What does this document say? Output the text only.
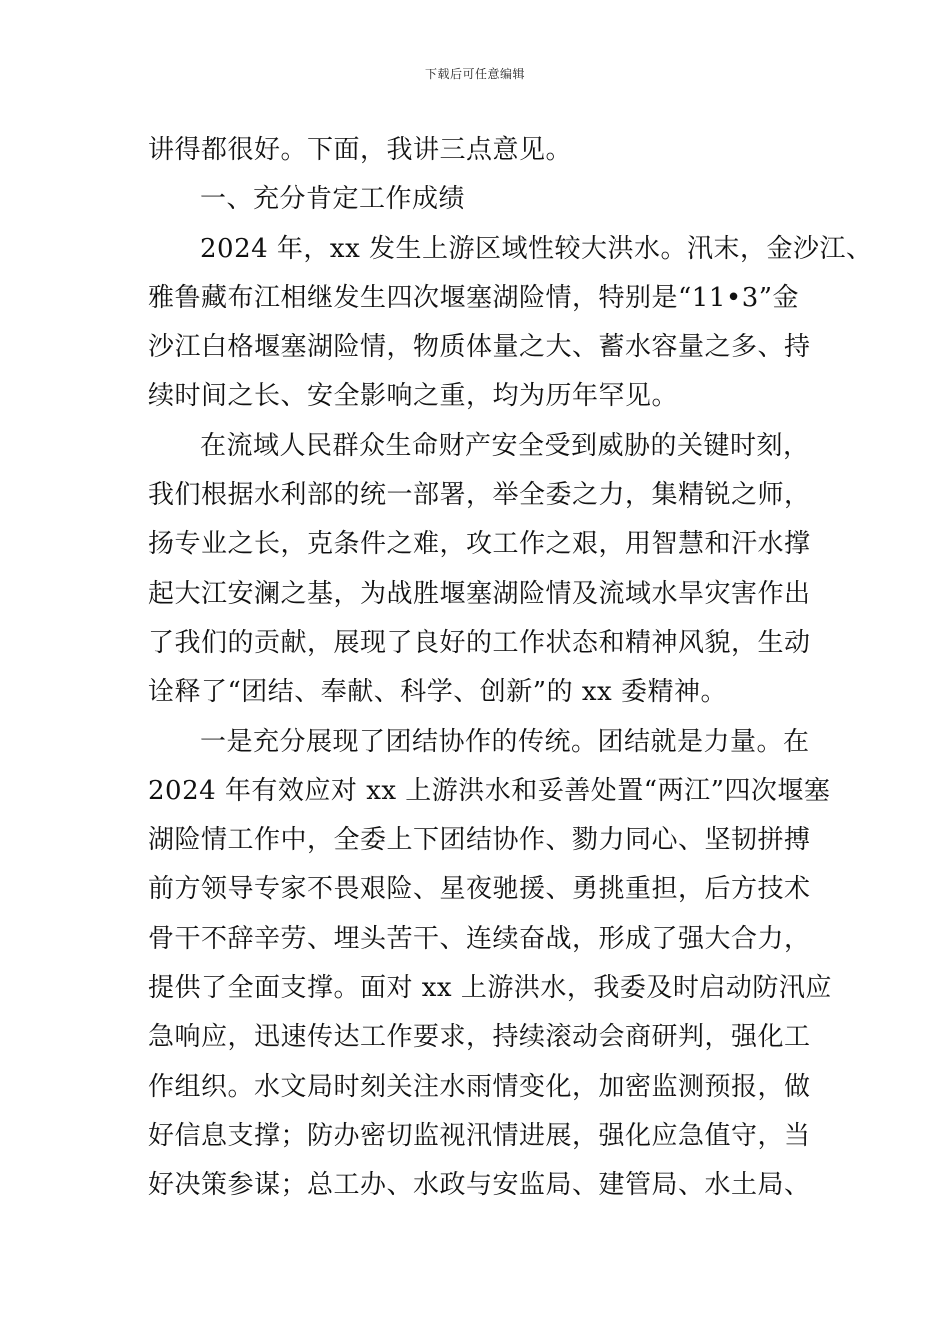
下载后可任意编辑
讲得都很好。下面，我讲三点意见。
一、充分肯定工作成绩
2024 年，xx 发生上游区域性较大洪水。汛末，金沙江、
雅鲁藏布江相继发生四次堰塞湖险情，特别是“11•3”金
沙江白格堰塞湖险情，物质体量之大、蓄水容量之多、持
续时间之长、安全影响之重，均为历年罕见。
在流域人民群众生命财产安全受到威胁的关键时刻，
我们根据水利部的统一部署，举全委之力，集精锐之师，
扬专业之长，克条件之难，攻工作之艰，用智慧和汗水撑
起大江安澜之基，为战胜堰塞湖险情及流域水旱灾害作出
了我们的贡献，展现了良好的工作状态和精神风貌，生动
诠释了“团结、奉献、科学、创新”的 xx 委精神。
一是充分展现了团结协作的传统。团结就是力量。在
2024 年有效应对 xx 上游洪水和妥善处置“两江”四次堰塞
湖险情工作中，全委上下团结协作、勠力同心、坚韧拼搏
前方领导专家不畏艰险、星夜驰援、勇挑重担，后方技术
骨干不辞辛劳、埋头苦干、连续奋战，形成了强大合力，
提供了全面支撑。面对 xx 上游洪水，我委及时启动防汛应
急响应，迅速传达工作要求，持续滚动会商研判，强化工
作组织。水文局时刻关注水雨情变化，加密监测预报，做
好信息支撑；防办密切监视汛情进展，强化应急值守，当
好决策参谋；总工办、水政与安监局、建管局、水土局、
